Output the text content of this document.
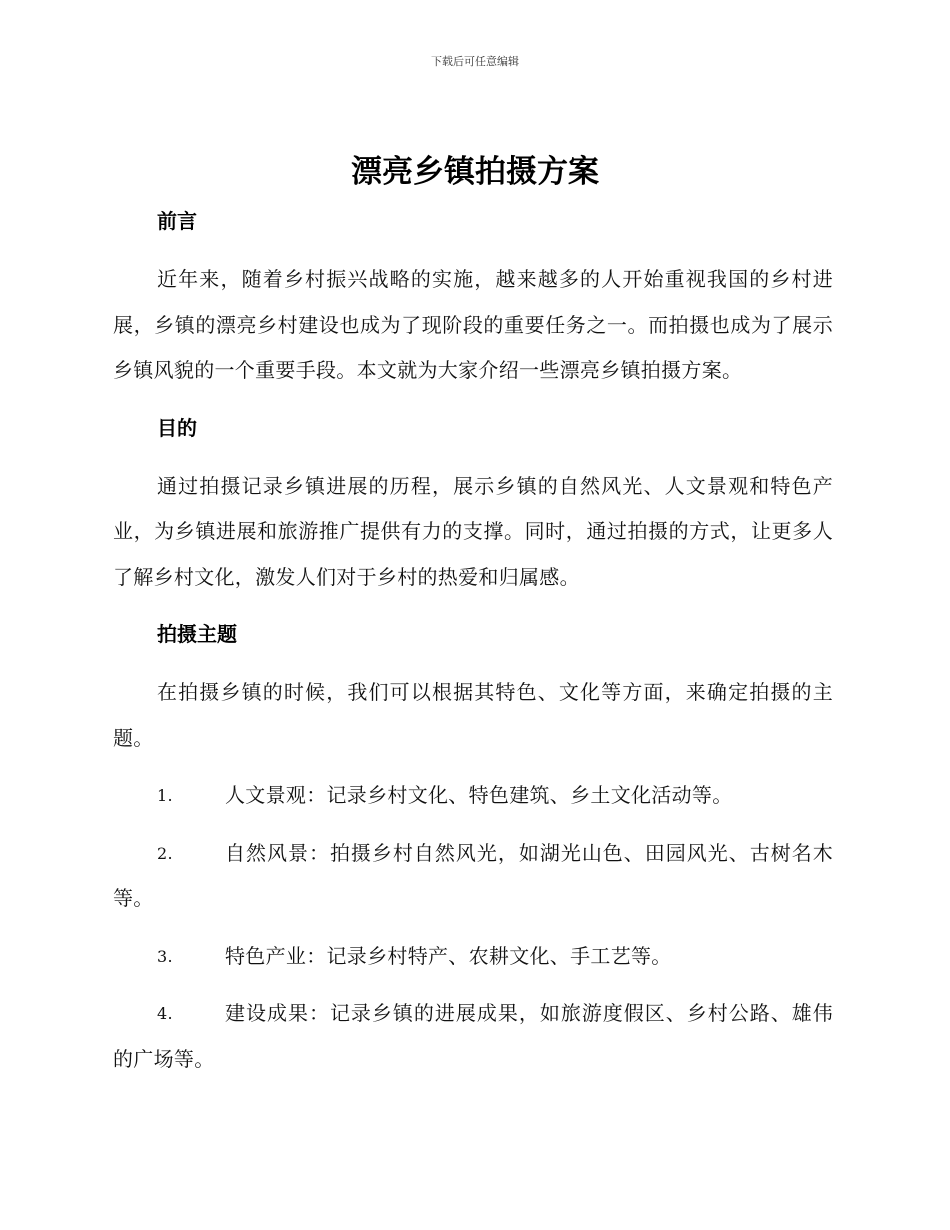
下载后可任意编辑
漂亮乡镇拍摄方案

前言

近年来，随着乡村振兴战略的实施，越来越多的人开始重视我国的乡村进展，乡镇的漂亮乡村建设也成为了现阶段的重要任务之一。而拍摄也成为了展示乡镇风貌的一个重要手段。本文就为大家介绍一些漂亮乡镇拍摄方案。

目的

通过拍摄记录乡镇进展的历程，展示乡镇的自然风光、人文景观和特色产业，为乡镇进展和旅游推广提供有力的支撑。同时，通过拍摄的方式，让更多人了解乡村文化，激发人们对于乡村的热爱和归属感。

拍摄主题

在拍摄乡镇的时候，我们可以根据其特色、文化等方面，来确定拍摄的主题。

1.	人文景观：记录乡村文化、特色建筑、乡土文化活动等。

2.	自然风景：拍摄乡村自然风光，如湖光山色、田园风光、古树名木等。

3.	特色产业：记录乡村特产、农耕文化、手工艺等。

4.	建设成果：记录乡镇的进展成果，如旅游度假区、乡村公路、雄伟的广场等。
